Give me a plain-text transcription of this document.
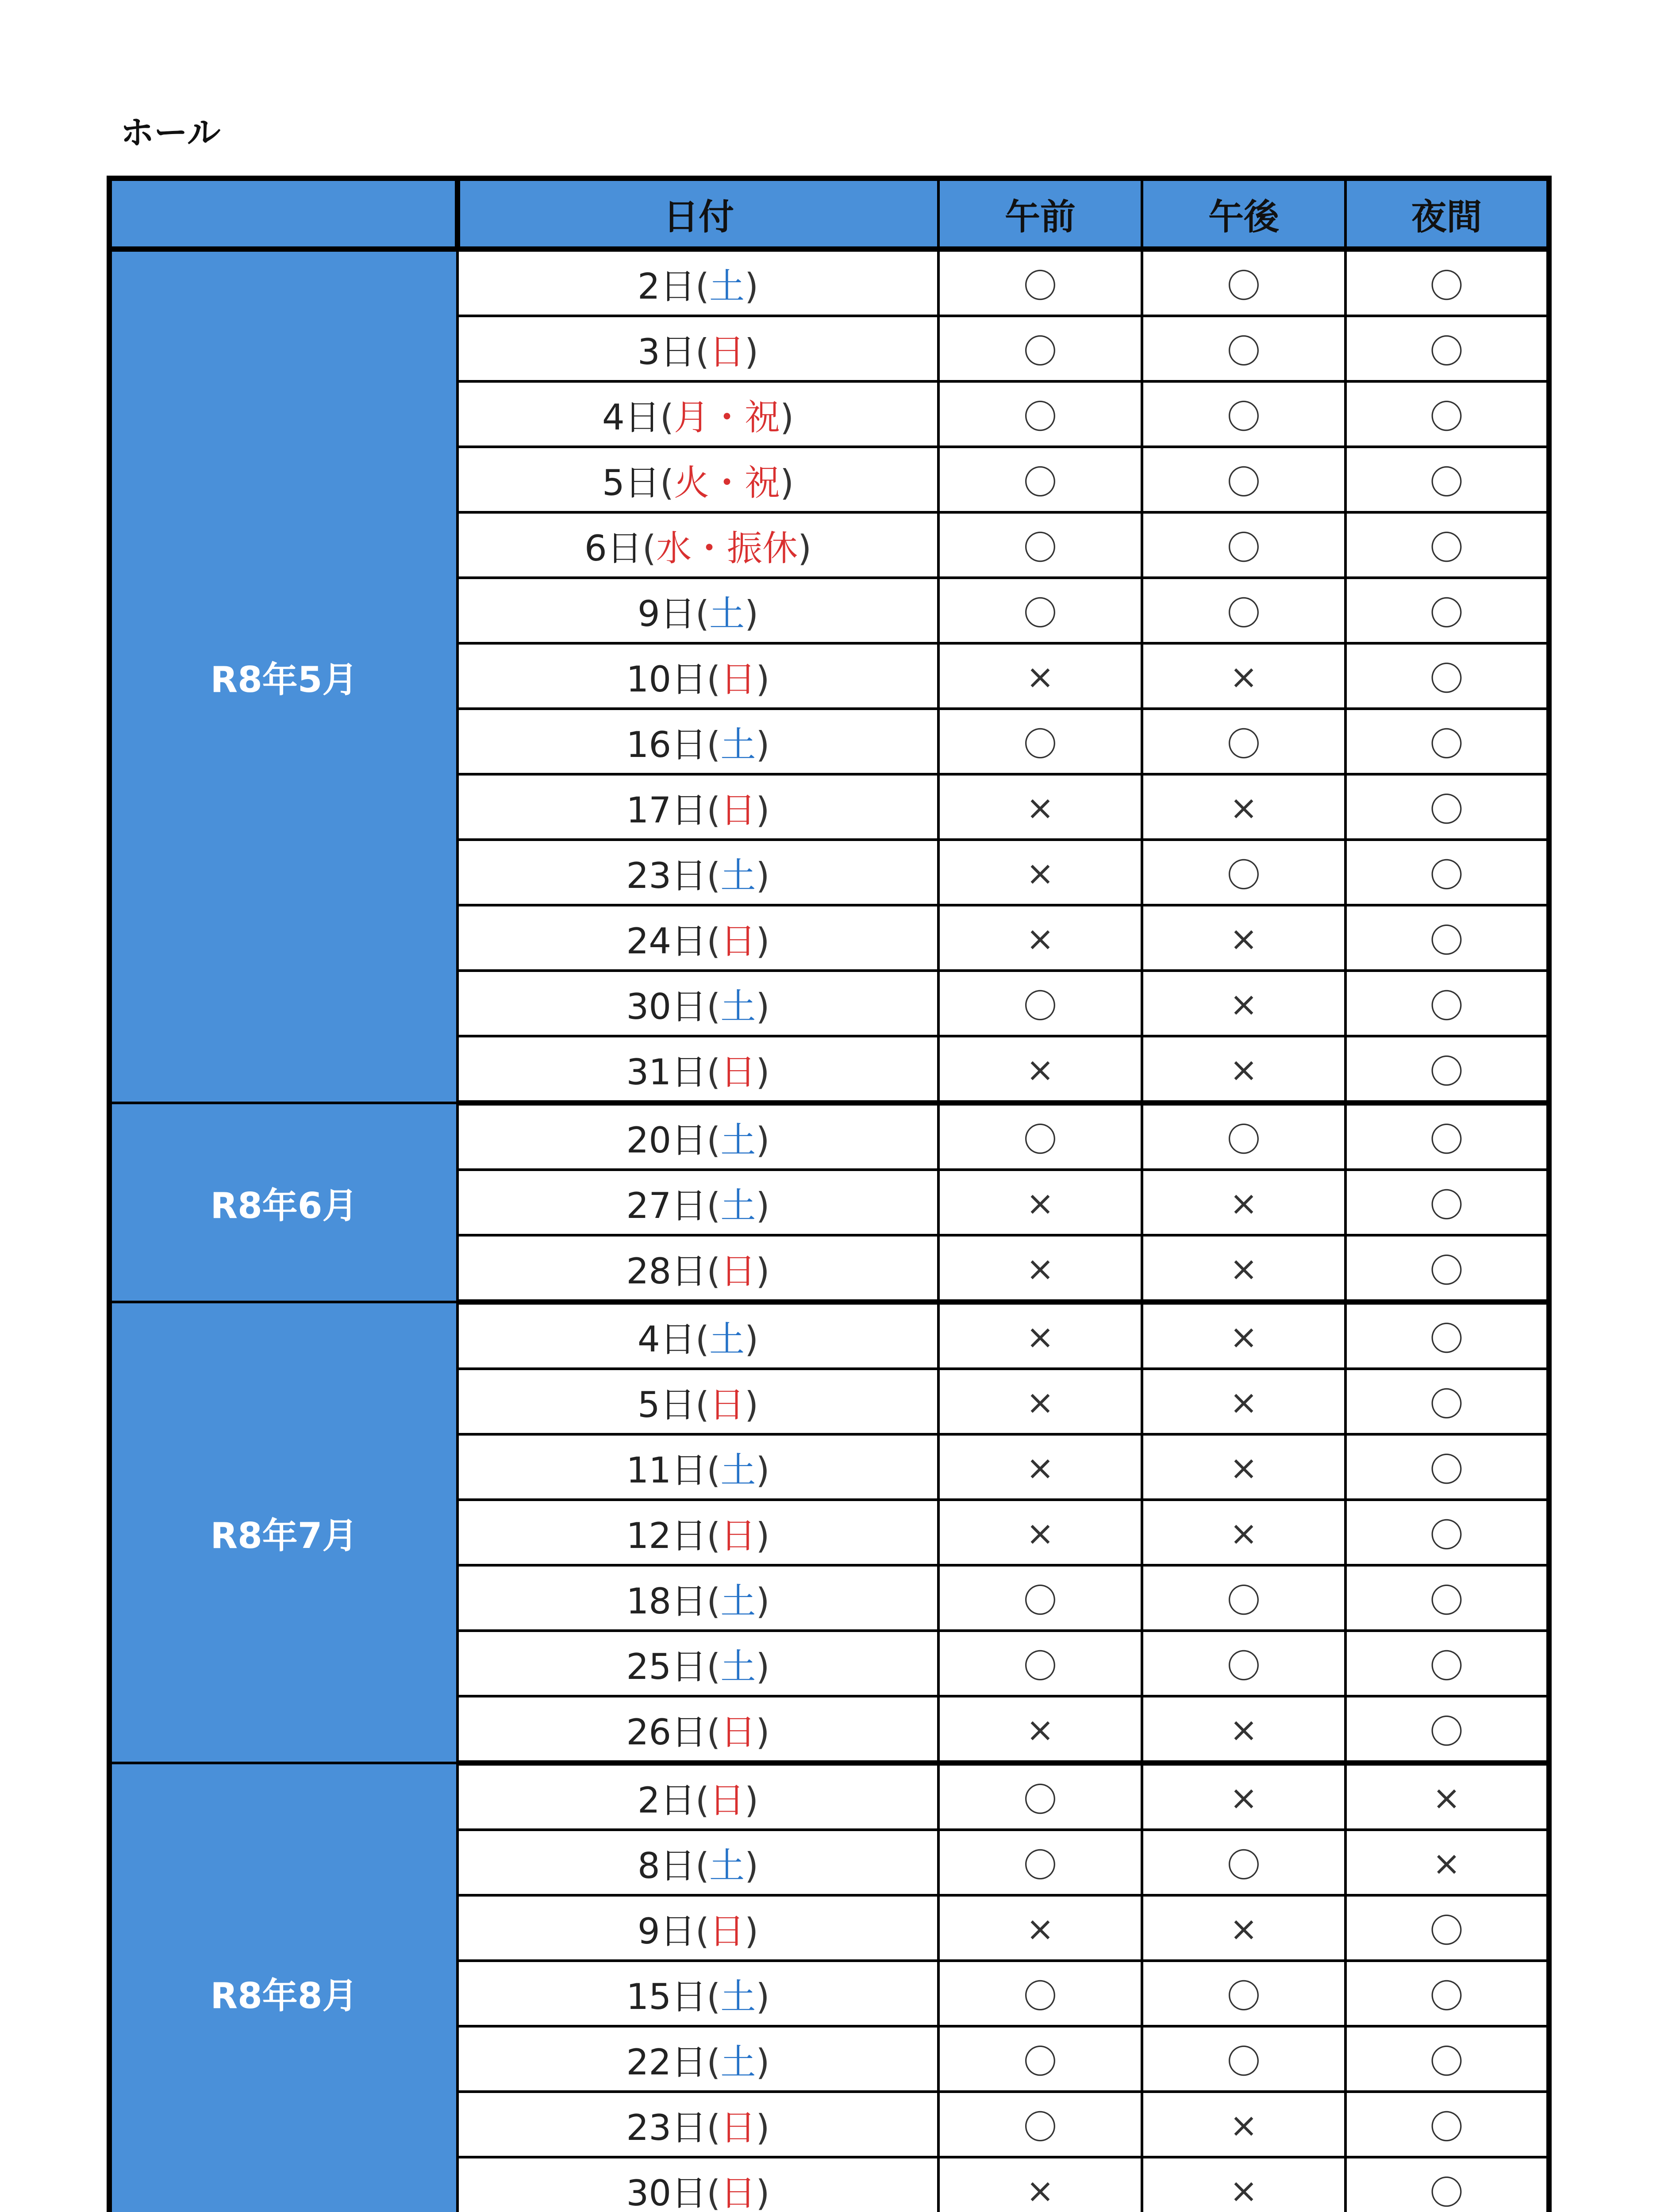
ホール
	日付	午前	午後	夜間
R8年5月	2日(土)	〇	〇	〇
	3日(日)	〇	〇	〇
	4日(月・祝)	〇	〇	〇
	5日(火・祝)	〇	〇	〇
	6日(水・振休)	〇	〇	〇
	9日(土)	〇	〇	〇
	10日(日)	×	×	〇
	16日(土)	〇	〇	〇
	17日(日)	×	×	〇
	23日(土)	×	〇	〇
	24日(日)	×	×	〇
	30日(土)	〇	×	〇
	31日(日)	×	×	〇
R8年6月	20日(土)	〇	〇	〇
	27日(土)	×	×	〇
	28日(日)	×	×	〇
R8年7月	4日(土)	×	×	〇
	5日(日)	×	×	〇
	11日(土)	×	×	〇
	12日(日)	×	×	〇
	18日(土)	〇	〇	〇
	25日(土)	〇	〇	〇
	26日(日)	×	×	〇
R8年8月	2日(日)	〇	×	×
	8日(土)	〇	〇	×
	9日(日)	×	×	〇
	15日(土)	〇	〇	〇
	22日(土)	〇	〇	〇
	23日(日)	〇	×	〇
	30日(日)	×	×	〇
